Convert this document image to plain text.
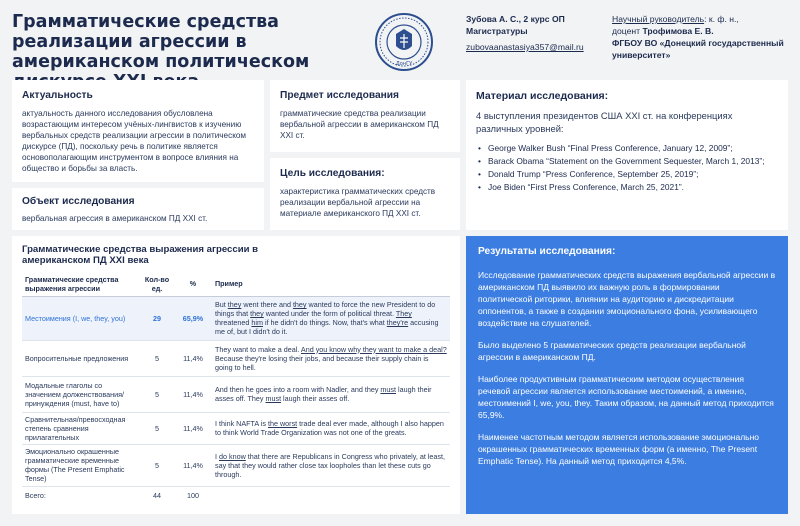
Грамматические средства реализации агрессии в американском политическом	ДонГУ
Зубова А. С., 2 курс ОП
Магистратуры
zubovaanastasiya357@mail.ru
Научный руководитель: к. ф. н.,
доцент Трофимова Е. В.
ФГБОУ ВО «Донецкий государственный университет»
Актуальность

актуальность данного исследования обусловлена возрастающим интересом учёных-лингвистов к изучению вербальных средств реализации агрессии в политическом дискурсе (ПД), поскольку речь в политике является основополагающим инструментом в вопросе влияния на общество и борьбы за власть.

Объект исследования

вербальная агрессия в американском ПД XXI ст.

Предмет исследования

грамматические средства реализации вербальной агрессии в американском ПД XXI ст.

Цель исследования:

характеристика грамматических средств реализации вербальной агрессии на материале американского ПД XXI ст.

Материал исследования:

4 выступления президентов США XXI ст. на конференциях различных уровней:

• George Walker Bush “Final Press Conference, January 12, 2009”;
• Barack Obama “Statement on the Government Sequester, March 1, 2013”;
• Donald Trump “Press Conference, September 25, 2019”;
• Joe Biden “First Press Conference, March 25, 2021”.
Грамматические средства выражения агрессии в американском ПД XXI века
Грамматические средства выражения агрессии	Кол-во ед.	%	Пример
Местоимения (I, we, they, you)	29	65,9%	But they went there and they wanted to force the new President to do things that they wanted under the form of political threat. They threatened him if he didn't do things. Now, that's what they're accusing me of, but I didn't do it.
Вопросительные предложения	5	11,4%	They want to make a deal. And you know why they want to make a deal? Because they're losing their jobs, and because their supply chain is going to hell.
Модальные глаголы со значением долженствования/принуждения (must, have to)	5	11,4%	And then he goes into a room with Nadler, and they must laugh their asses off. They must laugh their asses off.
Сравнительная/превосходная степень сравнения прилагательных	5	11,4%	I think NAFTA is the worst trade deal ever made, although I also happen to think World Trade Organization was not one of the greats.
Эмоционально окрашенные грамматические временные формы (The Present Emphatic Tense)	5	11,4%	I do know that there are Republicans in Congress who privately, at least, say that they would rather close tax loopholes than let these cuts go through.
Всего:	44	100	
Результаты исследования:

Исследование грамматических средств выражения вербальной агрессии в американском ПД выявило их важную роль в формировании политической риторики, влиянии на аудиторию и дискредитации оппонентов, а также в создании эмоционального фона, усиливающего воздействие на слушателей.

Было выделено 5 грамматических средств реализации вербальной агрессии в американском ПД.

Наиболее продуктивным грамматическим методом осуществления речевой агрессии является использование местоимений, а именно, местоимений I, we, you, they. Таким образом, на данный метод приходится 65,9%.

Наименее частотным методом является использование эмоционально окрашенных грамматических временных форм (а именно, The Present Emphatic Tense). На данный метод приходится 4,5%.
